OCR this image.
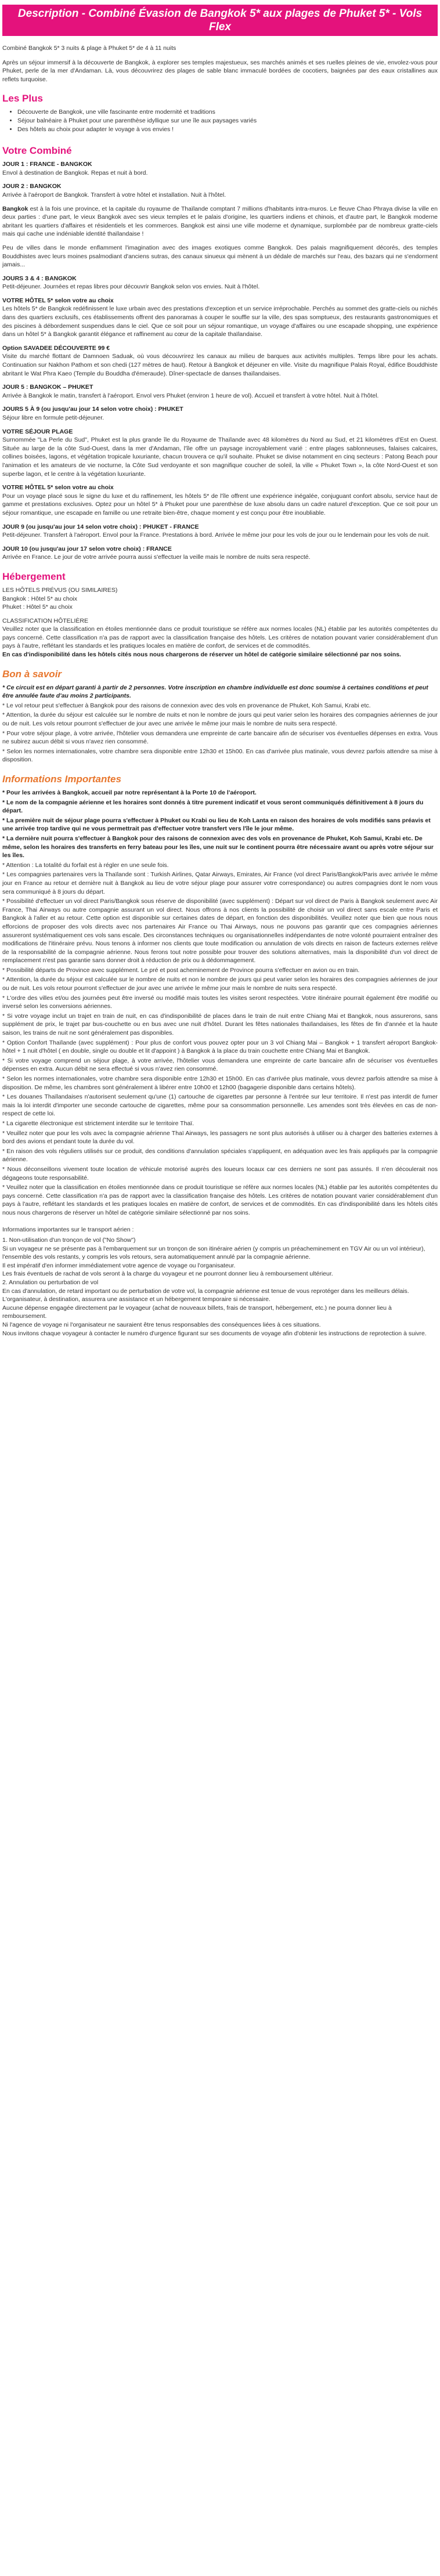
Description - Combiné Évasion de Bangkok 5* aux plages de Phuket 5* - Vols Flex

Combiné Bangkok 5* 3 nuits & plage à Phuket 5* de 4 à 11 nuits

Après un séjour immersif à la découverte de Bangkok, à explorer ses temples majestueux, ses marchés animés et ses ruelles pleines de vie, envolez-vous pour Phuket, perle de la mer d'Andaman. Là, vous découvrirez des plages de sable blanc immaculé bordées de cocotiers, baignées par des eaux cristallines aux reflets turquoise.

Les Plus
• Découverte de Bangkok, une ville fascinante entre modernité et traditions
• Séjour balnéaire à Phuket pour une parenthèse idyllique sur une île aux paysages variés
• Des hôtels au choix pour adapter le voyage à vos envies !
Votre Combiné

JOUR 1 : FRANCE - BANGKOK

Envol à destination de Bangkok. Repas et nuit à bord.

JOUR 2 : BANGKOK

Arrivée à l'aéroport de Bangkok. Transfert à votre hôtel et installation. Nuit à l'hôtel.

Bangkok est à la fois une province, et la capitale du royaume de Thaïlande comptant 7 millions d'habitants intra-muros. Le fleuve Chao Phraya divise la ville en deux parties : d'une part, le vieux Bangkok avec ses vieux temples et le palais d'origine, les quartiers indiens et chinois, et d'autre part, le Bangkok moderne abritant les quartiers d'affaires et résidentiels et les commerces. Bangkok est ainsi une ville moderne et dynamique, surplombée par de nombreux gratte-ciels mais qui cache une indéniable identité thaïlandaise !

Peu de villes dans le monde enflamment l'imagination avec des images exotiques comme Bangkok. Des palais magnifiquement décorés, des temples Bouddhistes avec leurs moines psalmodiant d'anciens sutras, des canaux sinueux qui mènent à un dédale de marchés sur l'eau, des bazars qui ne s'endorment jamais...

JOURS 3 & 4 : BANGKOK

Petit-déjeuner. Journées et repas libres pour découvrir Bangkok selon vos envies. Nuit à l'hôtel.

VOTRE HÔTEL 5* selon votre au choix

Les hôtels 5* de Bangkok redéfinissent le luxe urbain avec des prestations d'exception et un service irréprochable. Perchés au sommet des gratte-ciels ou nichés dans des quartiers exclusifs, ces établissements offrent des panoramas à couper le souffle sur la ville, des spas somptueux, des restaurants gastronomiques et des piscines à débordement suspendues dans le ciel. Que ce soit pour un séjour romantique, un voyage d'affaires ou une escapade shopping, une expérience dans un hôtel 5* à Bangkok garantit élégance et raffinement au cœur de la capitale thaïlandaise.

Option SAVADEE DÉCOUVERTE 99 €

Visite du marché flottant de Damnoen Saduak, où vous découvrirez les canaux au milieu de barques aux activités multiples. Temps libre pour les achats. Continuation sur Nakhon Pathom et son chedi (127 mètres de haut). Retour à Bangkok et déjeuner en ville. Visite du magnifique Palais Royal, édifice Bouddhiste abritant le Wat Phra Kaeo (Temple du Bouddha d'émeraude). Dîner-spectacle de danses thaïlandaises.

JOUR 5 : BANGKOK – PHUKET

Arrivée à Bangkok le matin, transfert à l'aéroport. Envol vers Phuket (environ 1 heure de vol). Accueil et transfert à votre hôtel. Nuit à l'hôtel.

JOURS 5 À 9 (ou jusqu'au jour 14 selon votre choix) : PHUKET

Séjour libre en formule petit-déjeuner.

VOTRE SÉJOUR PLAGE

Surnommée "La Perle du Sud", Phuket est la plus grande île du Royaume de Thaïlande avec 48 kilomètres du Nord au Sud, et 21 kilomètres d'Est en Ouest. Située au large de la côte Sud-Ouest, dans la mer d'Andaman, l'île offre un paysage incroyablement varié : entre plages sablonneuses, falaises calcaires, collines boisées, lagons, et végétation tropicale luxuriante, chacun trouvera ce qu'il souhaite. Phuket se divise notamment en cinq secteurs : Patong Beach pour l'animation et les amateurs de vie nocturne, la Côte Sud verdoyante et son magnifique coucher de soleil, la ville « Phuket Town », la côte Nord-Ouest et son superbe lagon, et le centre à la végétation luxuriante.

VOTRE HÔTEL 5* selon votre au choix

Pour un voyage placé sous le signe du luxe et du raffinement, les hôtels 5* de l'île offrent une expérience inégalée, conjuguant confort absolu, service haut de gamme et prestations exclusives. Optez pour un hôtel 5* à Phuket pour une parenthèse de luxe absolu dans un cadre naturel d'exception. Que ce soit pour un séjour romantique, une escapade en famille ou une retraite bien-être, chaque moment y est conçu pour être inoubliable.

JOUR 9 (ou jusqu'au jour 14 selon votre choix) : PHUKET - FRANCE

Petit-déjeuner. Transfert à l'aéroport. Envol pour la France. Prestations à bord. Arrivée le même jour pour les vols de jour ou le lendemain pour les vols de nuit.

JOUR 10 (ou jusqu'au jour 17 selon votre choix) : FRANCE

Arrivée en France. Le jour de votre arrivée pourra aussi s'effectuer la veille mais le nombre de nuits sera respecté.

Hébergement

LES HÔTELS PRÉVUS (OU SIMILAIRES)

Bangkok : Hôtel 5* au choix

Phuket : Hôtel 5* au choix

CLASSIFICATION HÔTELIÈRE

Veuillez noter que la classification en étoiles mentionnée dans ce produit touristique se réfère aux normes locales (NL) établie par les autorités compétentes du pays concerné. Cette classification n'a pas de rapport avec la classification française des hôtels. Les critères de notation pouvant varier considérablement d'un pays à l'autre, reflétant les standards et les pratiques locales en matière de confort, de services et de commodités.

En cas d'indisponibilité dans les hôtels cités nous nous chargerons de réserver un hôtel de catégorie similaire sélectionné par nos soins.

Bon à savoir

* Ce circuit est en départ garanti à partir de 2 personnes. Votre inscription en chambre individuelle est donc soumise à certaines conditions et peut être annulée faute d'au moins 2 participants.

* Le vol retour peut s'effectuer à Bangkok pour des raisons de connexion avec des vols en provenance de Phuket, Koh Samui, Krabi etc.

* Attention, la durée du séjour est calculée sur le nombre de nuits et non le nombre de jours qui peut varier selon les horaires des compagnies aériennes de jour ou de nuit. Les vols retour pourront s'effectuer de jour avec une arrivée le même jour mais le nombre de nuits sera respecté.

* Pour votre séjour plage, à votre arrivée, l'hôtelier vous demandera une empreinte de carte bancaire afin de sécuriser vos éventuelles dépenses en extra. Vous ne subirez aucun débit si vous n'avez rien consommé.

* Selon les normes internationales, votre chambre sera disponible entre 12h30 et 15h00. En cas d'arrivée plus matinale, vous devrez parfois attendre sa mise à disposition.

Informations Importantes

* Pour les arrivées à Bangkok, accueil par notre représentant à la Porte 10 de l'aéroport.

* Le nom de la compagnie aérienne et les horaires sont donnés à titre purement indicatif et vous seront communiqués définitivement à 8 jours du départ.

* La première nuit de séjour plage pourra s'effectuer à Phuket ou Krabi ou lieu de Koh Lanta en raison des horaires de vols modifiés sans préavis et une arrivée trop tardive qui ne vous permettrait pas d'effectuer votre transfert vers l'île le jour même.

* La dernière nuit pourra s'effectuer à Bangkok pour des raisons de connexion avec des vols en provenance de Phuket, Koh Samui, Krabi etc. De même, selon les horaires des transferts en ferry bateau pour les îles, une nuit sur le continent pourra être nécessaire avant ou après votre séjour sur les îles.

* Attention : La totalité du forfait est à régler en une seule fois.

* Les compagnies partenaires vers la Thaïlande sont : Turkish Airlines, Qatar Airways, Emirates, Air France (vol direct Paris/Bangkok/Paris avec arrivée le même jour en France au retour et dernière nuit à Bangkok au lieu de votre séjour plage pour assurer votre correspondance) ou autres compagnies dont le nom vous sera communiqué à 8 jours du départ.

* Possibilité d'effectuer un vol direct Paris/Bangkok sous réserve de disponibilité (avec supplément) : Départ sur vol direct de Paris à Bangkok seulement avec Air France, Thai Airways ou autre compagnie assurant un vol direct. Nous offrons à nos clients la possibilité de choisir un vol direct sans escale entre Paris et Bangkok à l'aller et au retour. Cette option est disponible sur certaines dates de départ, en fonction des disponibilités. Veuillez noter que bien que nous nous efforcions de proposer des vols directs avec nos partenaires Air France ou Thai Airways, nous ne pouvons pas garantir que ces compagnies aériennes assureront systématiquement ces vols sans escale. Des circonstances techniques ou organisationnelles indépendantes de notre volonté pourraient entraîner des modifications de l'itinéraire prévu. Nous tenons à informer nos clients que toute modification ou annulation de vols directs en raison de facteurs externes relève de la responsabilité de la compagnie aérienne. Nous ferons tout notre possible pour trouver des solutions alternatives, mais la disponibilité d'un vol direct de remplacement n'est pas garantie sans donner droit à réduction de prix ou à dédommagement.

* Possibilité départs de Province avec supplément. Le pré et post acheminement de Province pourra s'effectuer en avion ou en train.

* Attention, la durée du séjour est calculée sur le nombre de nuits et non le nombre de jours qui peut varier selon les horaires des compagnies aériennes de jour ou de nuit. Les vols retour pourront s'effectuer de jour avec une arrivée le même jour mais le nombre de nuits sera respecté.

* L'ordre des villes et/ou des journées peut être inversé ou modifié mais toutes les visites seront respectées. Votre itinéraire pourrait également être modifié ou inversé selon les conversions aériennes.

* Si votre voyage inclut un trajet en train de nuit, en cas d'indisponibilité de places dans le train de nuit entre Chiang Mai et Bangkok, nous assurerons, sans supplément de prix, le trajet par bus-couchette ou en bus avec une nuit d'hôtel. Durant les fêtes nationales thaïlandaises, les fêtes de fin d'année et la haute saison, les trains de nuit ne sont généralement pas disponibles.

* Option Confort Thaïlande (avec supplément) : Pour plus de confort vous pouvez opter pour un 3 vol Chiang Mai – Bangkok + 1 transfert aéroport Bangkok- hôtel + 1 nuit d'hôtel ( en double, single ou double et lit d'appoint ) à Bangkok à la place du train couchette entre Chiang Mai et Bangkok.

* Si votre voyage comprend un séjour plage, à votre arrivée, l'hôtelier vous demandera une empreinte de carte bancaire afin de sécuriser vos éventuelles dépenses en extra. Aucun débit ne sera effectué si vous n'avez rien consommé.

* Selon les normes internationales, votre chambre sera disponible entre 12h30 et 15h00. En cas d'arrivée plus matinale, vous devrez parfois attendre sa mise à disposition. De même, les chambres sont généralement à libérer entre 10h00 et 12h00 (bagagerie disponible dans certains hôtels).

* Les douanes Thaïlandaises n'autorisent seulement qu'une (1) cartouche de cigarettes par personne à l'entrée sur leur territoire. Il n'est pas interdit de fumer mais la loi interdit d'importer une seconde cartouche de cigarettes, même pour sa consommation personnelle. Les amendes sont très élevées en cas de non-respect de cette loi.

* La cigarette électronique est strictement interdite sur le territoire Thaï.

* Veuillez noter que pour les vols avec la compagnie aérienne Thaï Airways, les passagers ne sont plus autorisés à utiliser ou à charger des batteries externes à bord des avions et pendant toute la durée du vol.

* En raison des vols réguliers utilisés sur ce produit, des conditions d'annulation spéciales s'appliquent, en adéquation avec les frais appliqués par la compagnie aérienne.

* Nous déconseillons vivement toute location de véhicule motorisé auprès des loueurs locaux car ces derniers ne sont pas assurés. Il n'en découlerait nos dégageons toute responsabilité.

* Veuillez noter que la classification en étoiles mentionnée dans ce produit touristique se réfère aux normes locales (NL) établie par les autorités compétentes du pays concerné. Cette classification n'a pas de rapport avec la classification française des hôtels. Les critères de notation pouvant varier considérablement d'un pays à l'autre, reflétant les standards et les pratiques locales en matière de confort, de services et de commodités. En cas d'indisponibilité dans les hôtels cités nous nous chargerons de réserver un hôtel de catégorie similaire sélectionné par nos soins.

Informations importantes sur le transport aérien :

1. Non-utilisation d'un tronçon de vol ("No Show")

Si un voyageur ne se présente pas à l'embarquement sur un tronçon de son itinéraire aérien (y compris un préacheminement en TGV Air ou un vol intérieur), l'ensemble des vols restants, y compris les vols retours, sera automatiquement annulé par la compagnie aérienne.

Il est impératif d'en informer immédiatement votre agence de voyage ou l'organisateur.

Les frais éventuels de rachat de vols seront à la charge du voyageur et ne pourront donner lieu à remboursement ultérieur.

2. Annulation ou perturbation de vol

En cas d'annulation, de retard important ou de perturbation de votre vol, la compagnie aérienne est tenue de vous reprotéger dans les meilleurs délais.

L'organisateur, à destination, assurera une assistance et un hébergement temporaire si nécessaire.

Aucune dépense engagée directement par le voyageur (achat de nouveaux billets, frais de transport, hébergement, etc.) ne pourra donner lieu à remboursement.

Ni l'agence de voyage ni l'organisateur ne sauraient être tenus responsables des conséquences liées à ces situations.

Nous invitons chaque voyageur à contacter le numéro d'urgence figurant sur ses documents de voyage afin d'obtenir les instructions de reprotection à suivre.
